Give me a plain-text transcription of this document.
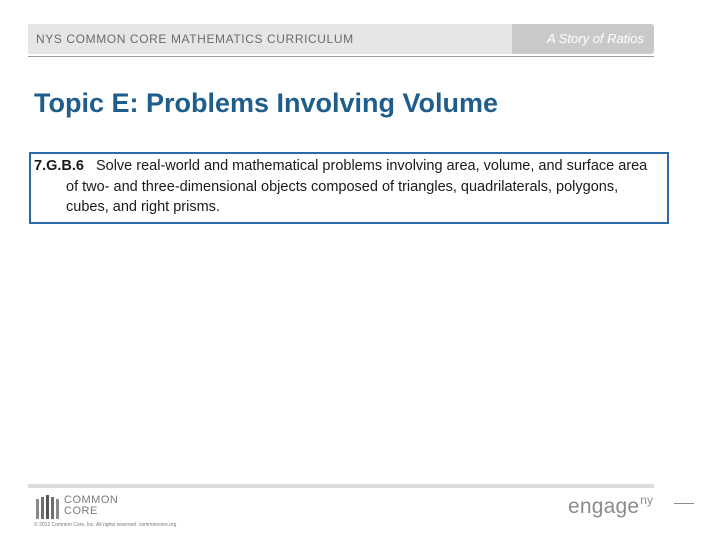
NYS COMMON CORE MATHEMATICS CURRICULUM	A Story of Ratios
Topic E: Problems Involving Volume
7.G.B.6 Solve real-world and mathematical problems involving area, volume, and surface area of two- and three-dimensional objects composed of triangles, quadrilaterals, polygons, cubes, and right prisms.
COMMON
CORE
© 2012 Common Core, Inc. All rights reserved. commoncore.org
engage$^{ny}$
